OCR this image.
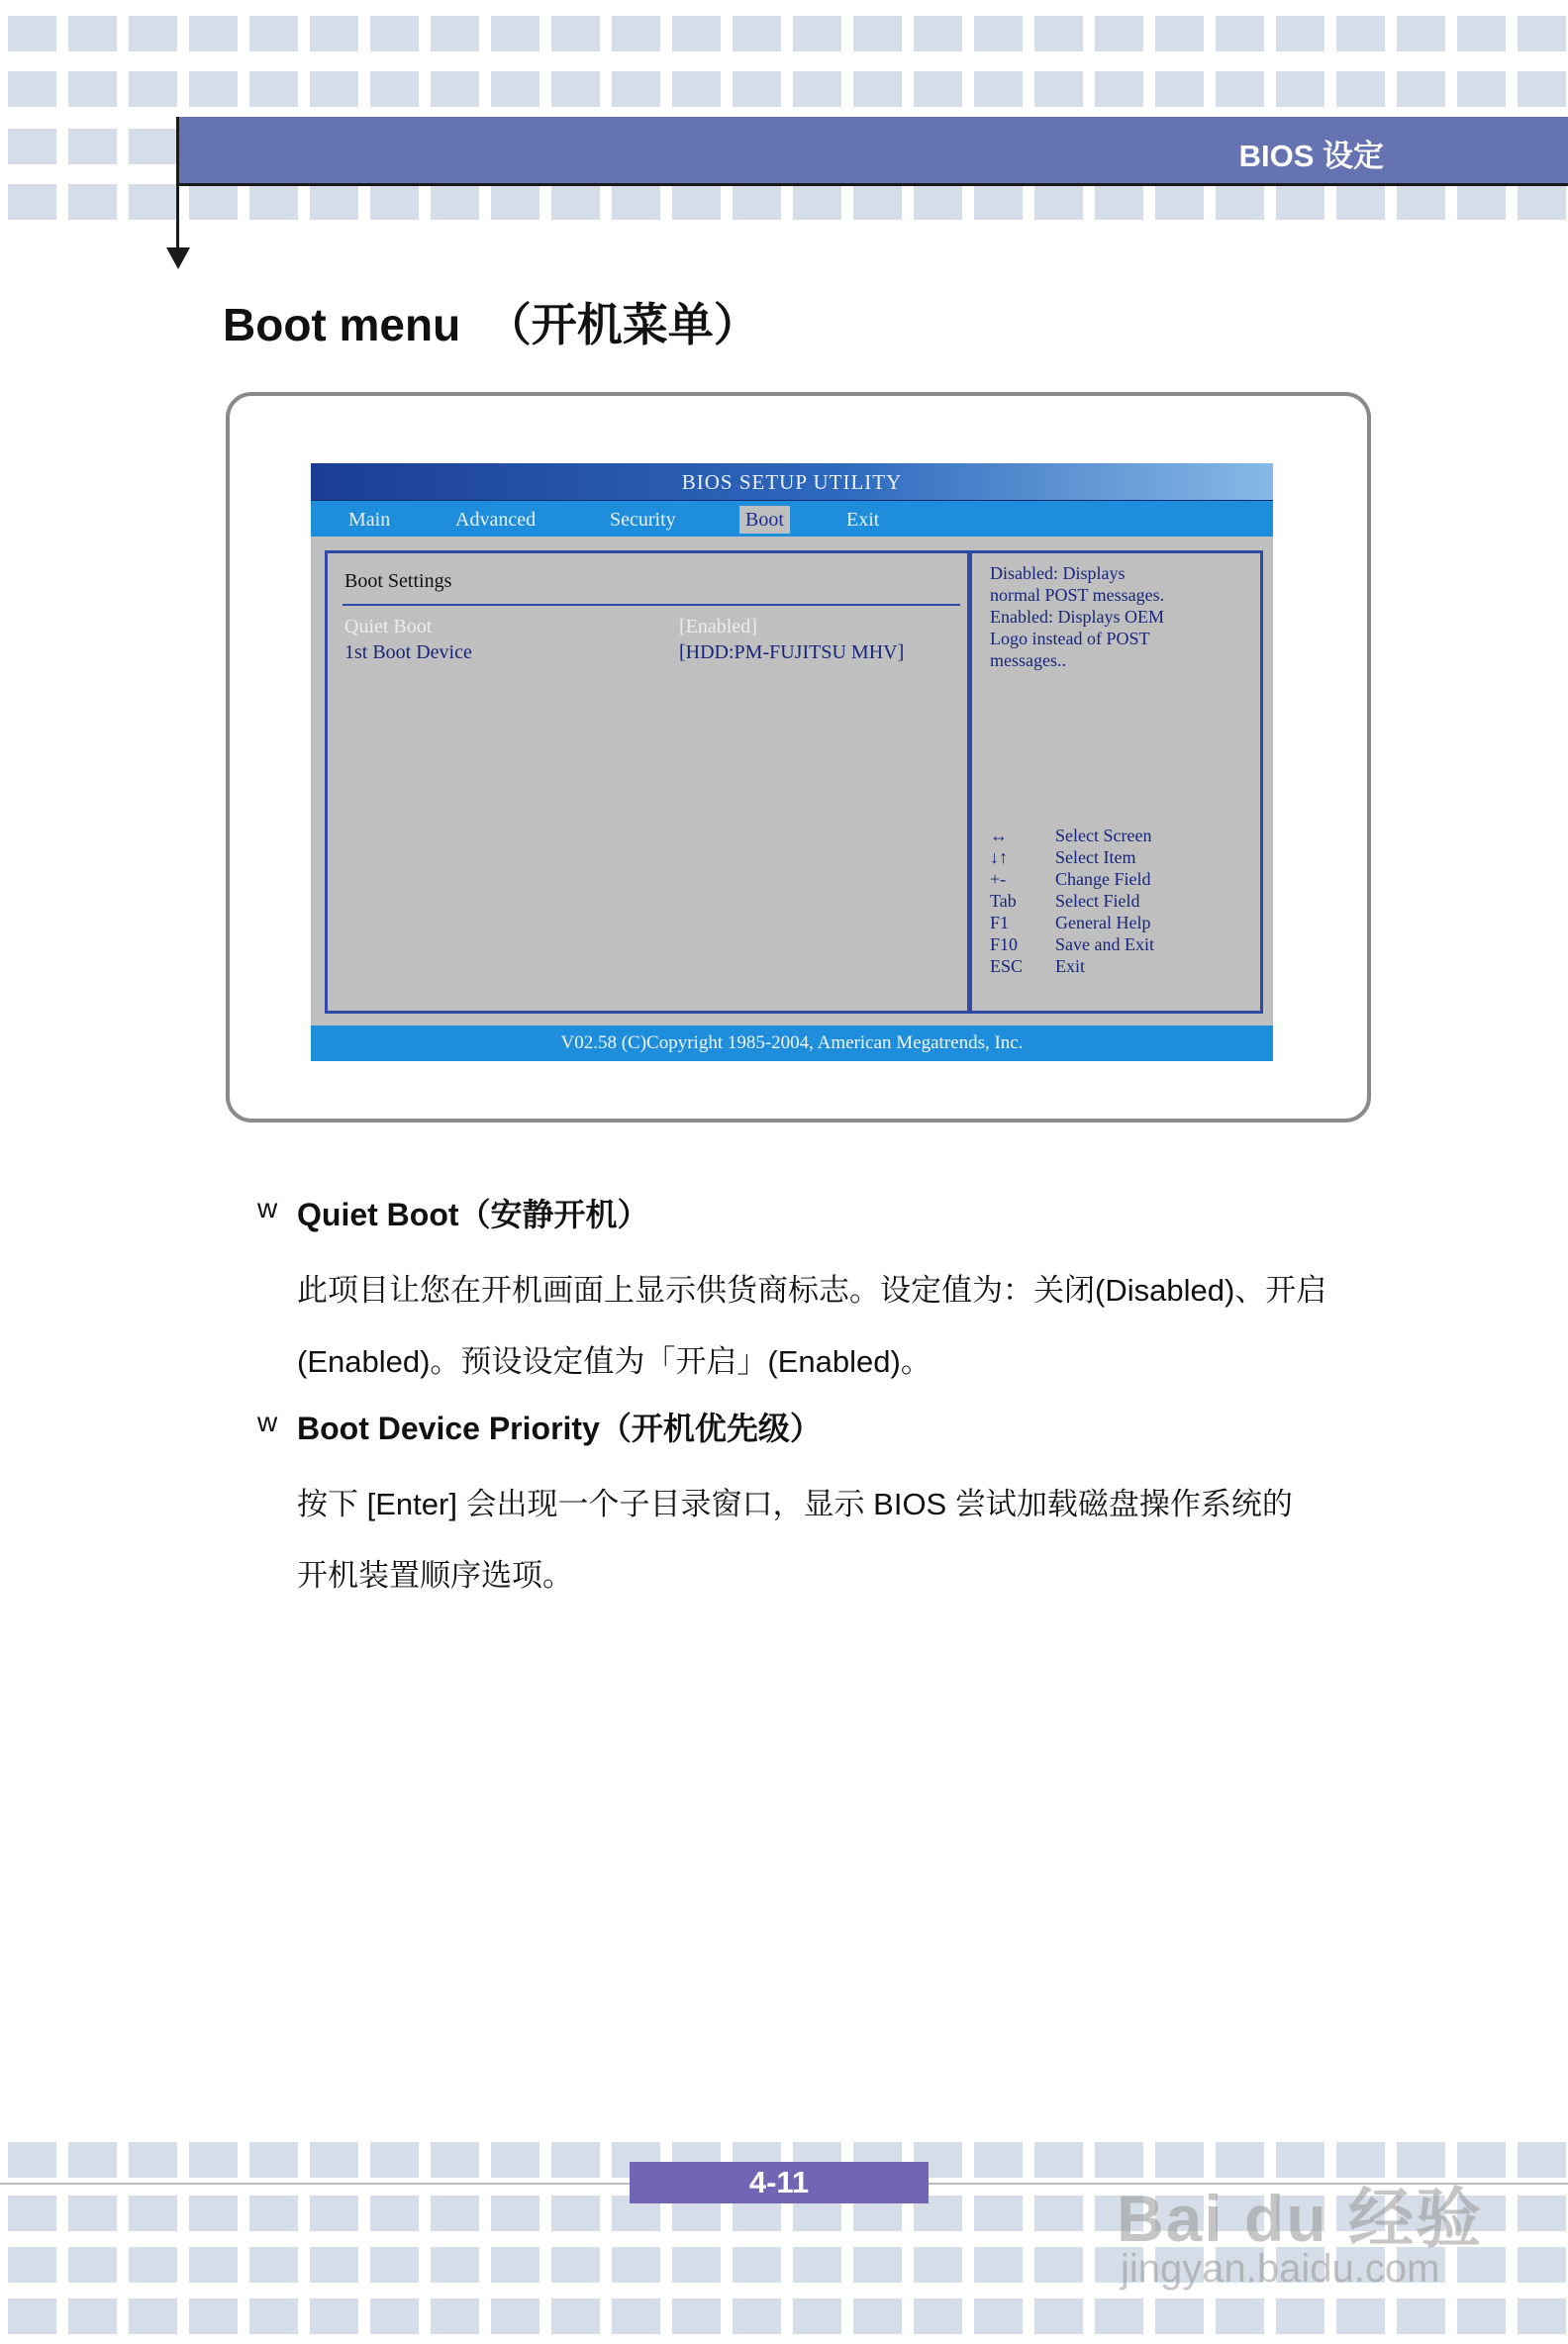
BIOS 设定
Boot menu  （开机菜单）
BIOS SETUP UTILITY
Main	Advanced	Security	Boot	Exit
Boot Settings
Quiet Boot	[Enabled]
1st Boot Device	[HDD:PM-FUJITSU MHV]
Disabled: Displays
normal POST messages.
Enabled: Displays OEM
Logo instead of POST
messages..
↔	Select Screen
↓↑	Select Item
+-	Change Field
Tab Select Field
F1	General Help
F10 Save and Exit
ESC Exit
V02.58 (C)Copyright 1985-2004, American Megatrends, Inc.
w Quiet Boot（安静开机）
此项目让您在开机画面上显示供货商标志。设定值为：关闭(Disabled)、开启
(Enabled)。预设设定值为「开启」(Enabled)。
w Boot Device Priority（开机优先级）
按下 [Enter] 会出现一个子目录窗口，显示 BIOS 尝试加载磁盘操作系统的
开机装置顺序选项。
4-11	Bai du 经验
jingyan.baidu.com
